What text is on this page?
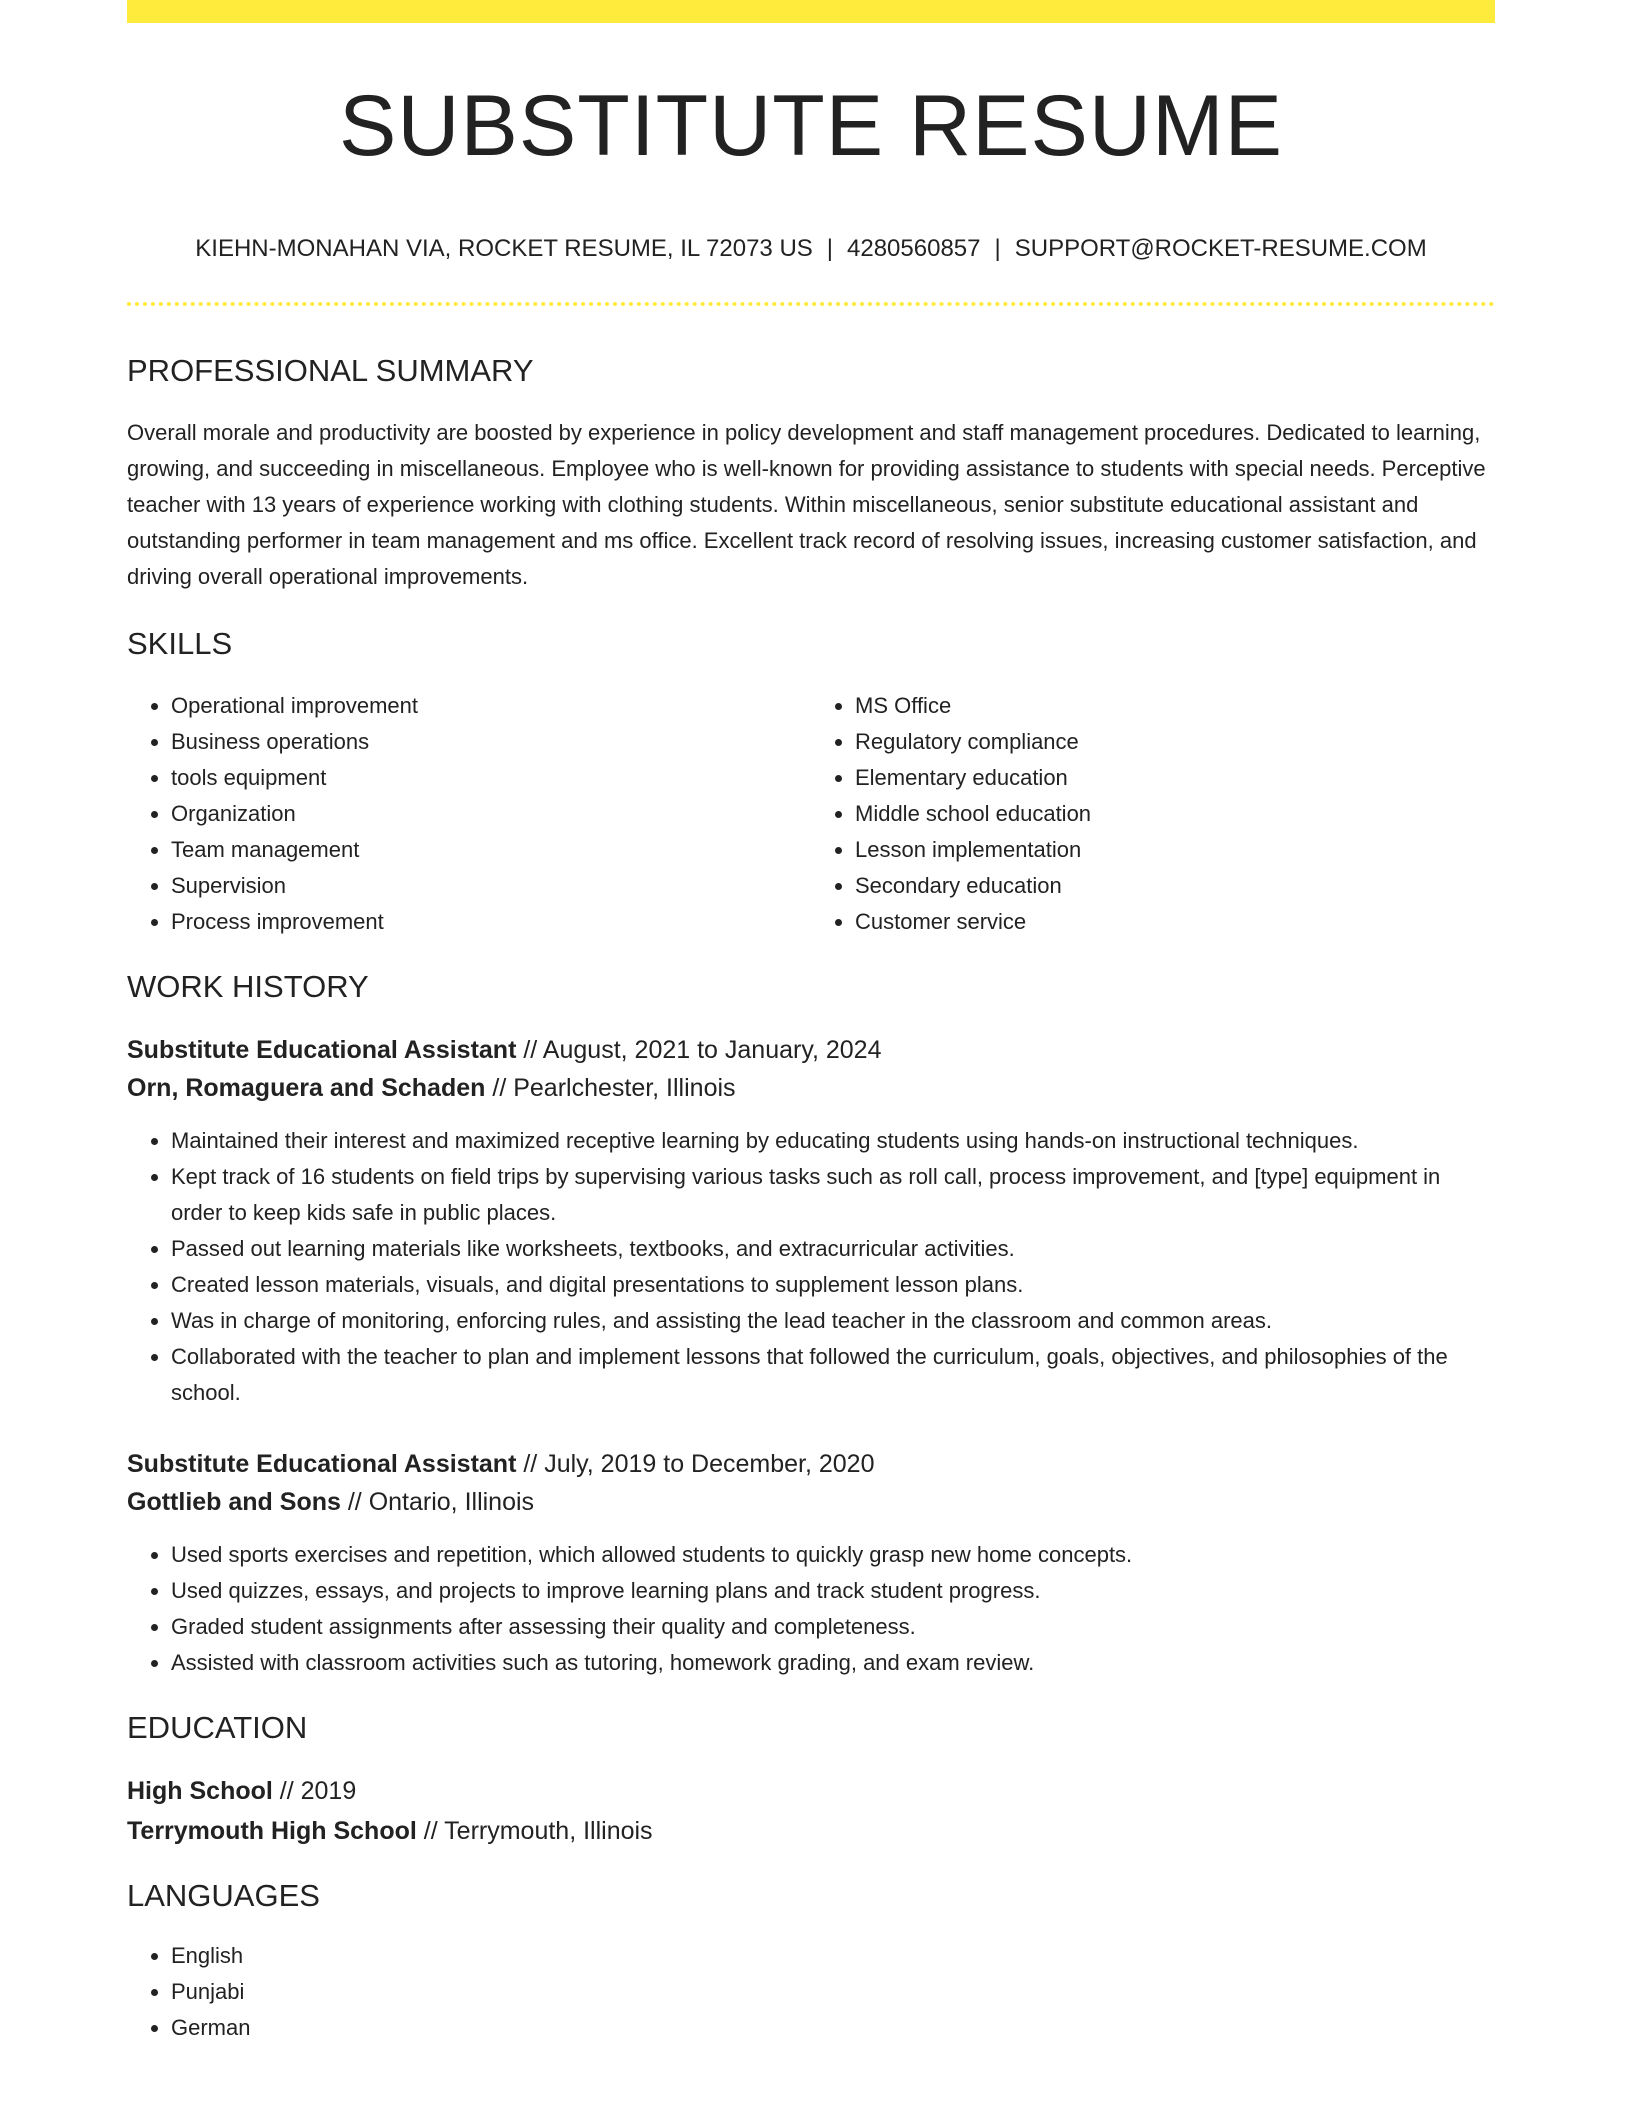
SUBSTITUTE RESUME
KIEHN-MONAHAN VIA, ROCKET RESUME, IL 72073 US | 4280560857 | SUPPORT@ROCKET-RESUME.COM
PROFESSIONAL SUMMARY
Overall morale and productivity are boosted by experience in policy development and staff management procedures. Dedicated to learning, growing, and succeeding in miscellaneous. Employee who is well-known for providing assistance to students with special needs. Perceptive teacher with 13 years of experience working with clothing students. Within miscellaneous, senior substitute educational assistant and outstanding performer in team management and ms office. Excellent track record of resolving issues, increasing customer satisfaction, and driving overall operational improvements.
SKILLS
• Operational improvement
• Business operations
• tools equipment
• Organization
• Team management
• Supervision
• Process improvement
• MS Office
• Regulatory compliance
• Elementary education
• Middle school education
• Lesson implementation
• Secondary education
• Customer service
WORK HISTORY
Substitute Educational Assistant // August, 2021 to January, 2024
Orn, Romaguera and Schaden // Pearlchester, Illinois
• Maintained their interest and maximized receptive learning by educating students using hands-on instructional techniques.
• Kept track of 16 students on field trips by supervising various tasks such as roll call, process improvement, and [type] equipment in order to keep kids safe in public places.
• Passed out learning materials like worksheets, textbooks, and extracurricular activities.
• Created lesson materials, visuals, and digital presentations to supplement lesson plans.
• Was in charge of monitoring, enforcing rules, and assisting the lead teacher in the classroom and common areas.
• Collaborated with the teacher to plan and implement lessons that followed the curriculum, goals, objectives, and philosophies of the school.
Substitute Educational Assistant // July, 2019 to December, 2020
Gottlieb and Sons // Ontario, Illinois
• Used sports exercises and repetition, which allowed students to quickly grasp new home concepts.
• Used quizzes, essays, and projects to improve learning plans and track student progress.
• Graded student assignments after assessing their quality and completeness.
• Assisted with classroom activities such as tutoring, homework grading, and exam review.
EDUCATION
High School // 2019
Terrymouth High School // Terrymouth, Illinois
LANGUAGES
• English
• Punjabi
• German
